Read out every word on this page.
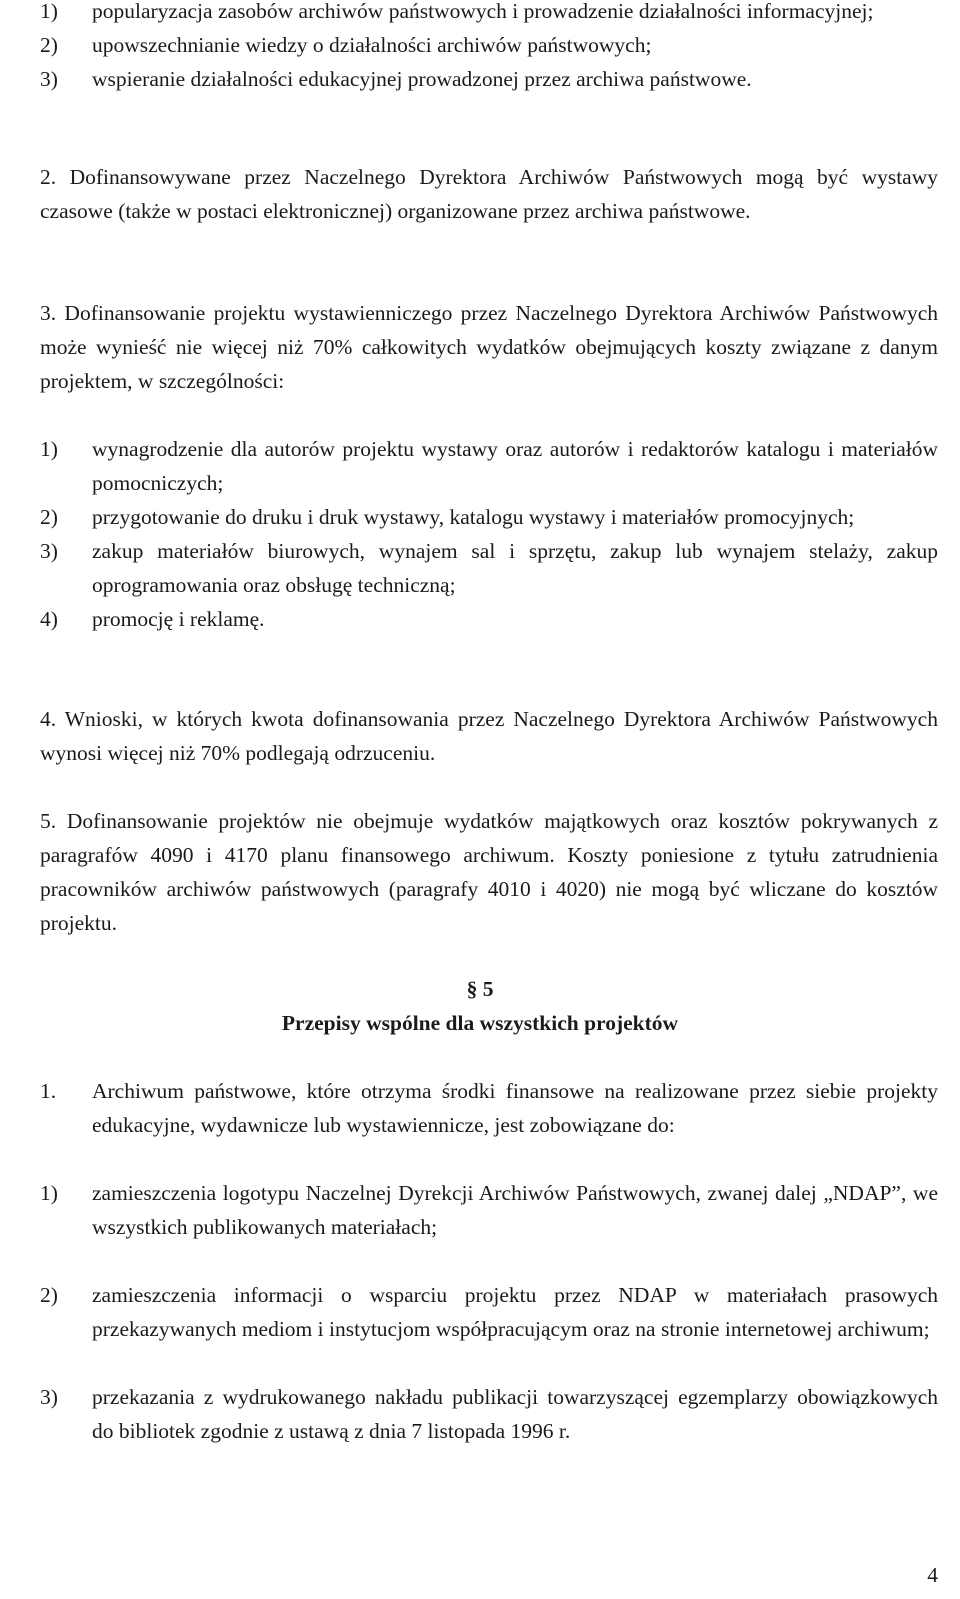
1) popularyzacja zasobów archiwów państwowych i prowadzenie działalności informacyjnej;
2) upowszechnianie wiedzy o działalności archiwów państwowych;
3) wspieranie działalności edukacyjnej prowadzonej przez archiwa państwowe.

2. Dofinansowywane przez Naczelnego Dyrektora Archiwów Państwowych mogą być wystawy czasowe (także w postaci elektronicznej) organizowane przez archiwa państwowe.

3. Dofinansowanie projektu wystawienniczego przez Naczelnego Dyrektora Archiwów Państwowych może wynieść nie więcej niż 70% całkowitych wydatków obejmujących koszty związane z danym projektem, w szczególności:

1) wynagrodzenie dla autorów projektu wystawy oraz autorów i redaktorów katalogu i materiałów pomocniczych;
2) przygotowanie do druku i druk wystawy, katalogu wystawy i materiałów promocyjnych;
3) zakup materiałów biurowych, wynajem sal i sprzętu, zakup lub wynajem stelaży, zakup oprogramowania oraz obsługę techniczną;
4) promocję i reklamę.

4. Wnioski, w których kwota dofinansowania przez Naczelnego Dyrektora Archiwów Państwowych wynosi więcej niż 70% podlegają odrzuceniu.

5. Dofinansowanie projektów nie obejmuje wydatków majątkowych oraz kosztów pokrywanych z paragrafów 4090 i 4170 planu finansowego archiwum. Koszty poniesione z tytułu zatrudnienia pracowników archiwów państwowych (paragrafy 4010 i 4020) nie mogą być wliczane do kosztów projektu.

§ 5
Przepisy wspólne dla wszystkich projektów
1. Archiwum państwowe, które otrzyma środki finansowe na realizowane przez siebie projekty edukacyjne, wydawnicze lub wystawiennicze, jest zobowiązane do:
1) zamieszczenia logotypu Naczelnej Dyrekcji Archiwów Państwowych, zwanej dalej „NDAP”, we wszystkich publikowanych materiałach;
2) zamieszczenia informacji o wsparciu projektu przez NDAP w materiałach prasowych przekazywanych mediom i instytucjom współpracującym oraz na stronie internetowej archiwum;
3) przekazania z wydrukowanego nakładu publikacji towarzyszącej egzemplarzy obowiązkowych do bibliotek zgodnie z ustawą z dnia 7 listopada 1996 r.
4
